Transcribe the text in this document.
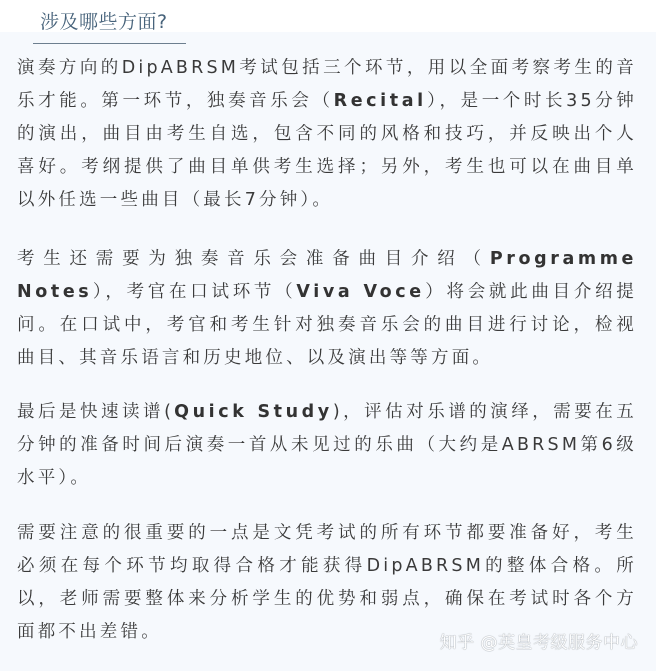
涉及哪些方面?

演奏方向的DipABRSM考试包括三个环节，用以全面考察考生的音乐才能。第一环节，独奏音乐会（Recital），是一个时长35分钟的演出，曲目由考生自选，包含不同的风格和技巧，并反映出个人喜好。考纲提供了曲目单供考生选择；另外，考生也可以在曲目单以外任选一些曲目（最长7分钟）。

考生还需要为独奏音乐会准备曲目介绍（Programme Notes），考官在口试环节（Viva Voce）将会就此曲目介绍提问。在口试中，考官和考生针对独奏音乐会的曲目进行讨论，检视曲目、其音乐语言和历史地位、以及演出等等方面。

最后是快速读谱(Quick Study)，评估对乐谱的演绎，需要在五分钟的准备时间后演奏一首从未见过的乐曲（大约是ABRSM第6级水平）。

需要注意的很重要的一点是文凭考试的所有环节都要准备好，考生必须在每个环节均取得合格才能获得DipABRSM的整体合格。所以，老师需要整体来分析学生的优势和弱点，确保在考试时各个方面都不出差错。

知乎 @英皇考级服务中心
